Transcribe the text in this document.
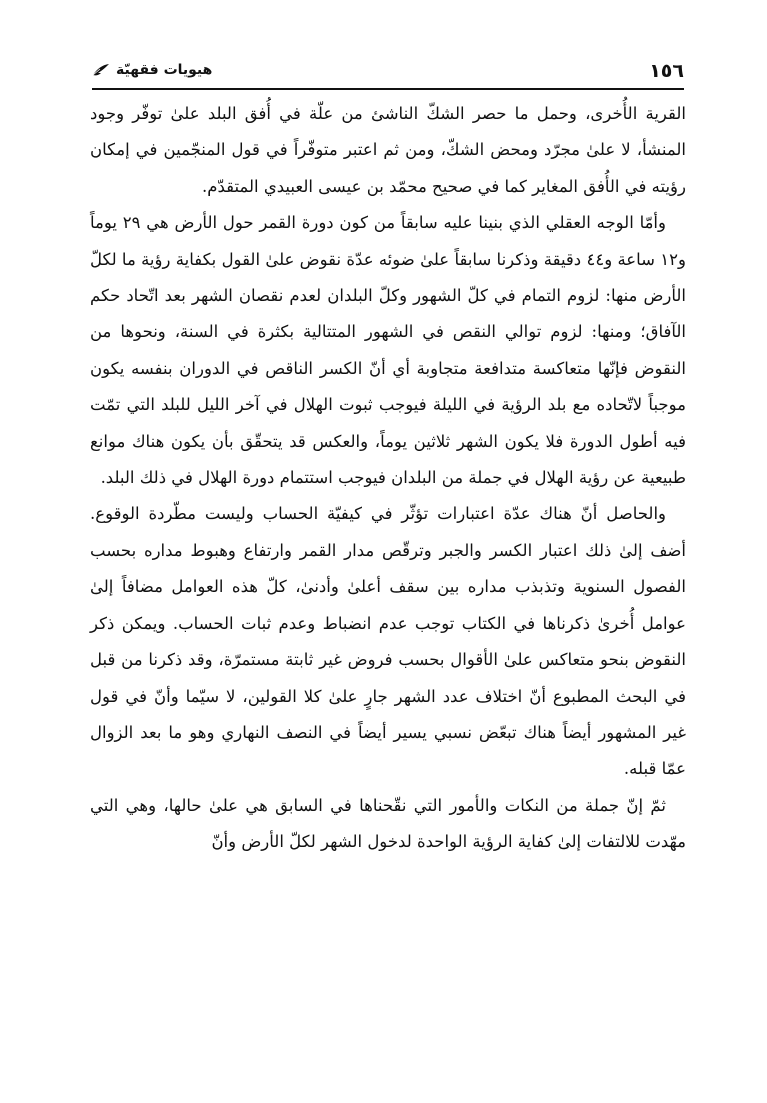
١٥٦
هيويات فقهيّة

القرية الأُخرى، وحمل ما حصر الشكّ الناشئ من علّة في أُفق البلد علىٰ توفّر وجود المنشأ، لا علىٰ مجرّد ومحض الشكّ، ومن ثم اعتبر متوفّراً في قول المنجّمين في إمكان رؤيته في الأُفق المغاير كما في صحيح محمّد بن عيسى العبيدي المتقدّم.

وأمّا الوجه العقلي الذي بنينا عليه سابقاً من كون دورة القمر حول الأرض هي ٢٩ يوماً و١٢ ساعة و٤٤ دقيقة وذكرنا سابقاً علىٰ ضوئه عدّة نقوض علىٰ القول بكفاية رؤية ما لكلّ الأرض منها: لزوم التمام في كلّ الشهور وكلّ البلدان لعدم نقصان الشهر بعد اتّحاد حكم الآفاق؛ ومنها: لزوم توالي النقص في الشهور المتتالية بكثرة في السنة، ونحوها من النقوض فإنّها متعاكسة متدافعة متجاوبة أي أنّ الكسر الناقص في الدوران بنفسه يكون موجباً لاتّحاده مع بلد الرؤية في الليلة فيوجب ثبوت الهلال في آخر الليل للبلد التي تمّت فيه أطول الدورة فلا يكون الشهر ثلاثين يوماً، والعكس قد يتحقّق بأن يكون هناك موانع طبيعية عن رؤية الهلال في جملة من البلدان فيوجب استتمام دورة الهلال في ذلك البلد.

والحاصل أنّ هناك عدّة اعتبارات تؤثّر في كيفيّة الحساب وليست مطّردة الوقوع. أضف إلىٰ ذلك اعتبار الكسر والجبر وترقّص مدار القمر وارتفاع وهبوط مداره بحسب الفصول السنوية وتذبذب مداره بين سقف أعلىٰ وأدنىٰ، كلّ هذه العوامل مضافاً إلىٰ عوامل أُخرىٰ ذكرناها في الكتاب توجب عدم انضباط وعدم ثبات الحساب. ويمكن ذكر النقوض بنحو متعاكس علىٰ الأقوال بحسب فروض غير ثابتة مستمرّة، وقد ذكرنا من قبل في البحث المطبوع أنّ اختلاف عدد الشهر جارٍ علىٰ كلا القولين، لا سيّما وأنّ في قول غير المشهور أيضاً هناك تبعّض نسبي يسير أيضاً في النصف النهاري وهو ما بعد الزوال عمّا قبله.

ثمّ إنّ جملة من النكات والأمور التي نقّحناها في السابق هي علىٰ حالها، وهي التي مهّدت للالتفات إلىٰ كفاية الرؤية الواحدة لدخول الشهر لكلّ الأرض وأنّ
